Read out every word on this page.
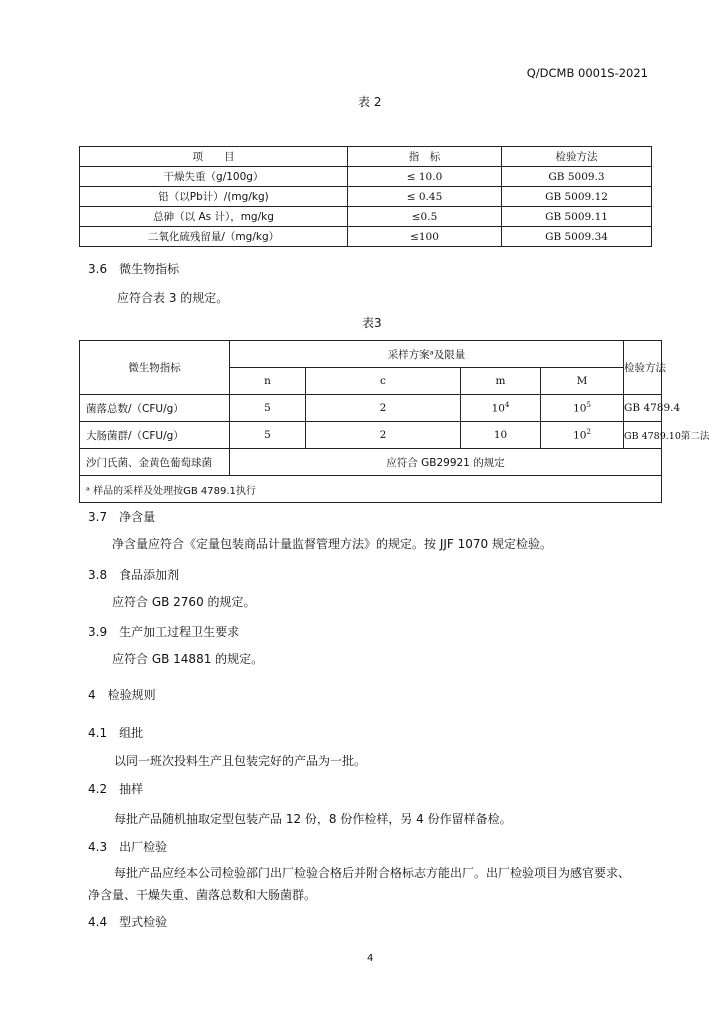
Q/DCMB 0001S-2021
表 2
项　　目	指　标	检验方法
干燥失重（g/100g）	≤ 10.0	GB 5009.3
铅（以Pb计）/(mg/kg)	≤ 0.45	GB 5009.12
总砷（以 As 计），mg/kg	≤0.5	GB 5009.11
二氧化硫残留量/（mg/kg）	≤100	GB 5009.34
3.6　微生物指标
应符合表 3 的规定。
表3
微生物指标	采样方案ᵃ及限量				检验方法
	n	c	m	M	
菌落总数/（CFU/g）	5	2	$10^4$	$10^5$	GB 4789.4
大肠菌群/（CFU/g）	5	2	10	$10^2$	GB 4789.10第二法
沙门氏菌、金黄色葡萄球菌	应符合 GB29921 的规定				
ᵃ 样品的采样及处理按GB 4789.1执行					
3.7　净含量
净含量应符合《定量包装商品计量监督管理方法》的规定。按 JJF 1070 规定检验。
3.8　食品添加剂
应符合 GB 2760 的规定。
3.9　生产加工过程卫生要求
应符合 GB 14881 的规定。
4　检验规则
4.1　组批
以同一班次投料生产且包装完好的产品为一批。
4.2　抽样
每批产品随机抽取定型包装产品 12 份，8 份作检样，另 4 份作留样备检。
4.3　出厂检验
每批产品应经本公司检验部门出厂检验合格后并附合格标志方能出厂。出厂检验项目为感官要求、
净含量、干燥失重、菌落总数和大肠菌群。
4.4　型式检验
4
